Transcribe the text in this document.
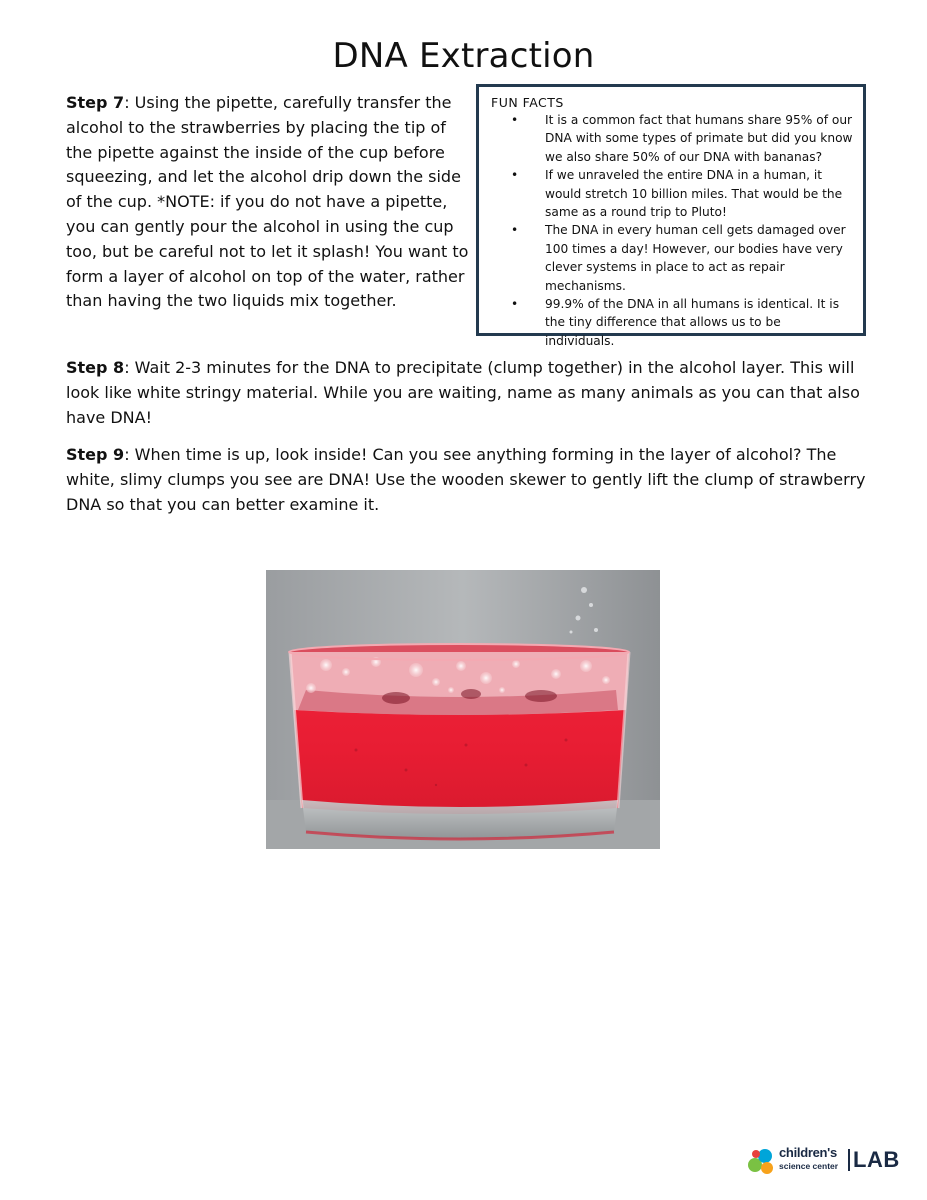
DNA Extraction
Step 7: Using the pipette, carefully transfer the alcohol to the strawberries by placing the tip of the pipette against the inside of the cup before squeezing, and let the alcohol drip down the side of the cup. *NOTE: if you do not have a pipette, you can gently pour the alcohol in using the cup too, but be careful not to let it splash! You want to form a layer of alcohol on top of the water, rather than having the two liquids mix together.
FUN FACTS
• It is a common fact that humans share 95% of our DNA with some types of primate but did you know we also share 50% of our DNA with bananas?
• If we unraveled the entire DNA in a human, it would stretch 10 billion miles. That would be the same as a round trip to Pluto!
• The DNA in every human cell gets damaged over 100 times a day! However, our bodies have very clever systems in place to act as repair mechanisms.
• 99.9% of the DNA in all humans is identical. It is the tiny difference that allows us to be individuals.
Step 8: Wait 2-3 minutes for the DNA to precipitate (clump together) in the alcohol layer. This will look like white stringy material. While you are waiting, name as many animals as you can that also have DNA!
Step 9: When time is up, look inside! Can you see anything forming in the layer of alcohol? The white, slimy clumps you see are DNA! Use the wooden skewer to gently lift the clump of strawberry DNA so that you can better examine it.
children's
science center LAB
